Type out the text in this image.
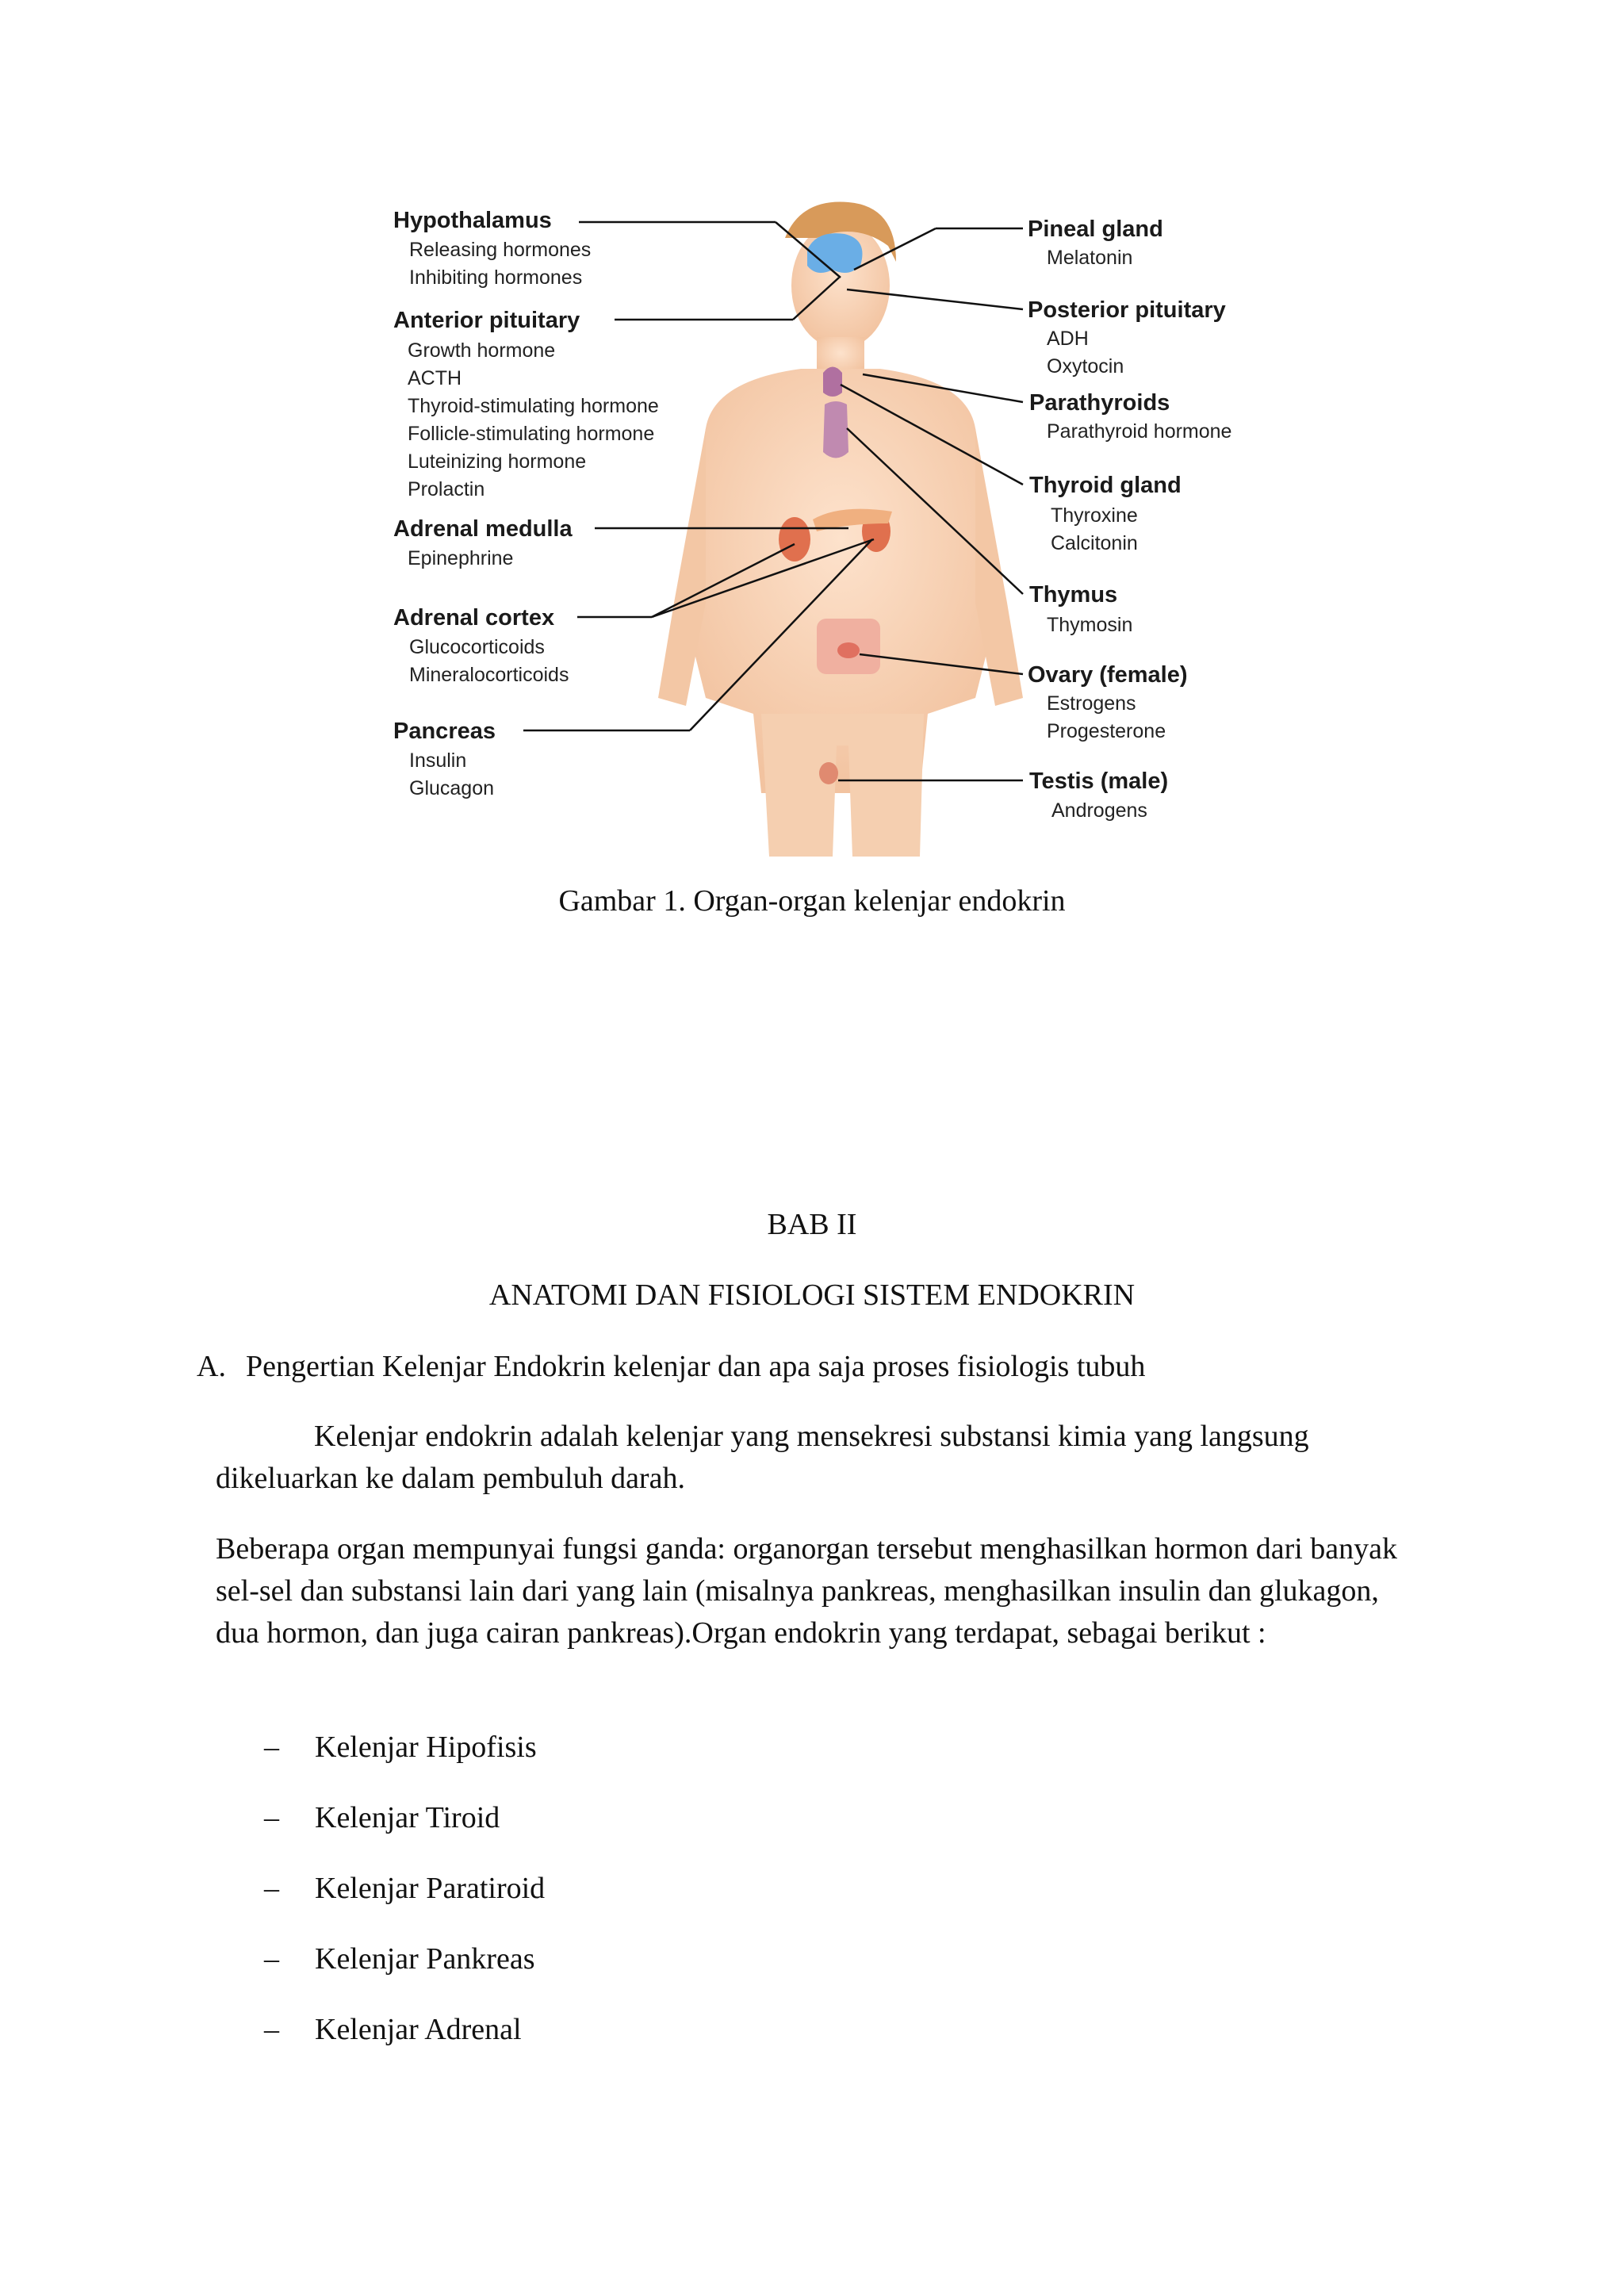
Hypothalamus
Releasing hormones
Inhibiting hormones
Anterior pituitary
Growth hormone
ACTH
Thyroid-stimulating hormone
Follicle-stimulating hormone
Luteinizing hormone
Prolactin
Adrenal medulla
Epinephrine
Adrenal cortex
Glucocorticoids
Mineralocorticoids
Pancreas
Insulin
Glucagon
Pineal gland
Melatonin
Posterior pituitary
ADH
Oxytocin
Parathyroids
Parathyroid hormone
Thyroid gland
Thyroxine
Calcitonin
Thymus
Thymosin
Ovary (female)
Estrogens
Progesterone
Testis (male)
Androgens
Gambar 1. Organ-organ kelenjar endokrin
BAB II
ANATOMI DAN FISIOLOGI SISTEM ENDOKRIN
A. Pengertian Kelenjar Endokrin kelenjar dan apa saja proses fisiologis tubuh
Kelenjar endokrin adalah kelenjar yang mensekresi substansi kimia yang langsung dikeluarkan ke dalam pembuluh darah.
Beberapa organ mempunyai fungsi ganda: organorgan tersebut menghasilkan hormon dari banyak sel-sel dan substansi lain dari yang lain (misalnya pankreas, menghasilkan insulin dan glukagon, dua hormon, dan juga cairan pankreas).Organ endokrin yang terdapat, sebagai berikut :
– Kelenjar Hipofisis
– Kelenjar Tiroid
– Kelenjar Paratiroid
– Kelenjar Pankreas
– Kelenjar Adrenal
